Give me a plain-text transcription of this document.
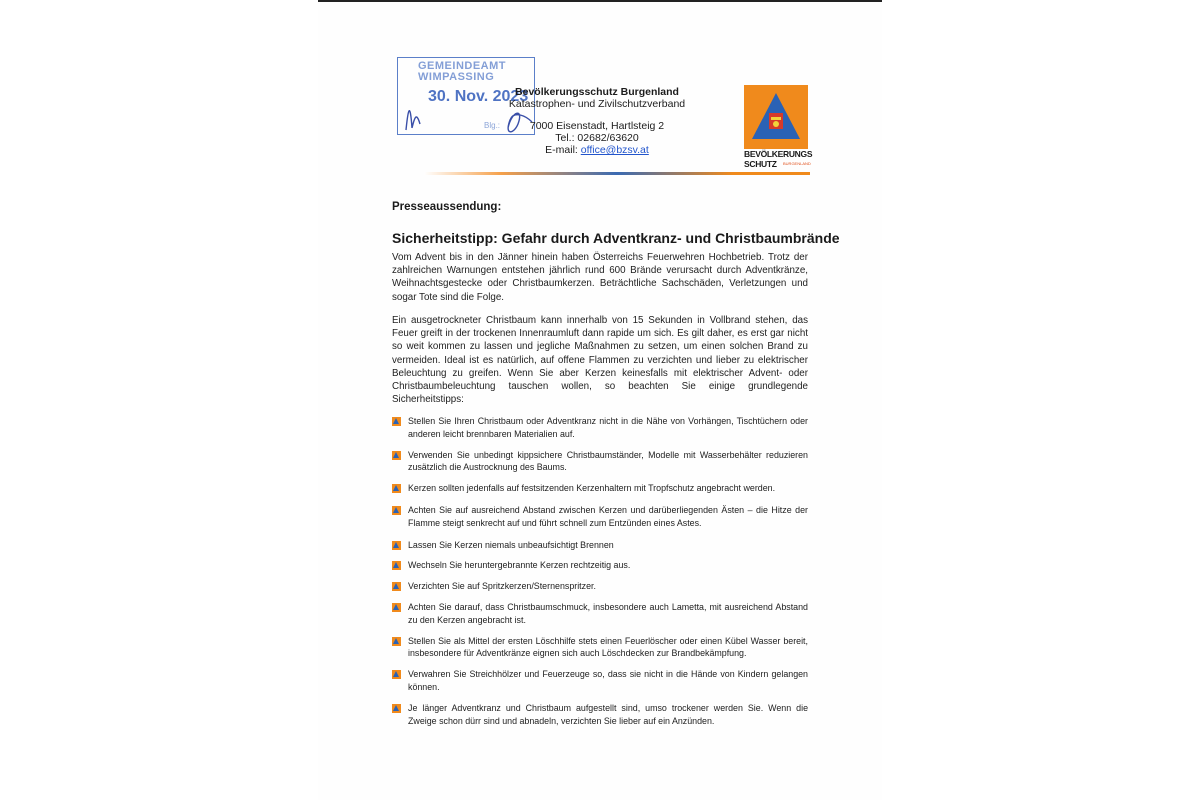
GEMEINDEAMT
WIMPASSING
30. Nov. 2023
Blg.:
Bevölkerungsschutz Burgenland
Katastrophen- und Zivilschutzverband
7000 Eisenstadt, Hartlsteig 2
Tel.: 02682/63620
E-mail: office@bzsv.at	BEVÖLKERUNGS
SCHUTZ BURGENLAND
Presseaussendung:
Sicherheitstipp: Gefahr durch Adventkranz- und Christbaumbrände
Vom Advent bis in den Jänner hinein haben Österreichs Feuerwehren Hochbetrieb. Trotz der zahlreichen Warnungen entstehen jährlich rund 600 Brände verursacht durch Adventkränze, Weihnachtsgestecke oder Christbaumkerzen. Beträchtliche Sachschäden, Verletzungen und sogar Tote sind die Folge.
Ein ausgetrockneter Christbaum kann innerhalb von 15 Sekunden in Vollbrand stehen, das Feuer greift in der trockenen Innenraumluft dann rapide um sich. Es gilt daher, es erst gar nicht so weit kommen zu lassen und jegliche Maßnahmen zu setzen, um einen solchen Brand zu vermeiden. Ideal ist es natürlich, auf offene Flammen zu verzichten und lieber zu elektrischer Beleuchtung zu greifen. Wenn Sie aber Kerzen keinesfalls mit elektrischer Advent- oder Christbaumbeleuchtung tauschen wollen, so beachten Sie einige grundlegende Sicherheitstipps:
Stellen Sie Ihren Christbaum oder Adventkranz nicht in die Nähe von Vorhängen, Tischtüchern oder anderen leicht brennbaren Materialien auf.
Verwenden Sie unbedingt kippsichere Christbaumständer, Modelle mit Wasserbehälter reduzieren zusätzlich die Austrocknung des Baums.
Kerzen sollten jedenfalls auf festsitzenden Kerzenhaltern mit Tropfschutz angebracht werden.
Achten Sie auf ausreichend Abstand zwischen Kerzen und darüberliegenden Ästen – die Hitze der Flamme steigt senkrecht auf und führt schnell zum Entzünden eines Astes.
Lassen Sie Kerzen niemals unbeaufsichtigt Brennen
Wechseln Sie heruntergebrannte Kerzen rechtzeitig aus.
Verzichten Sie auf Spritzkerzen/Sternenspritzer.
Achten Sie darauf, dass Christbaumschmuck, insbesondere auch Lametta, mit ausreichend Abstand zu den Kerzen angebracht ist.
Stellen Sie als Mittel der ersten Löschhilfe stets einen Feuerlöscher oder einen Kübel Wasser bereit, insbesondere für Adventkränze eignen sich auch Löschdecken zur Brandbekämpfung.
Verwahren Sie Streichhölzer und Feuerzeuge so, dass sie nicht in die Hände von Kindern gelangen können.
Je länger Adventkranz und Christbaum aufgestellt sind, umso trockener werden Sie. Wenn die Zweige schon dürr sind und abnadeln, verzichten Sie lieber auf ein Anzünden.
